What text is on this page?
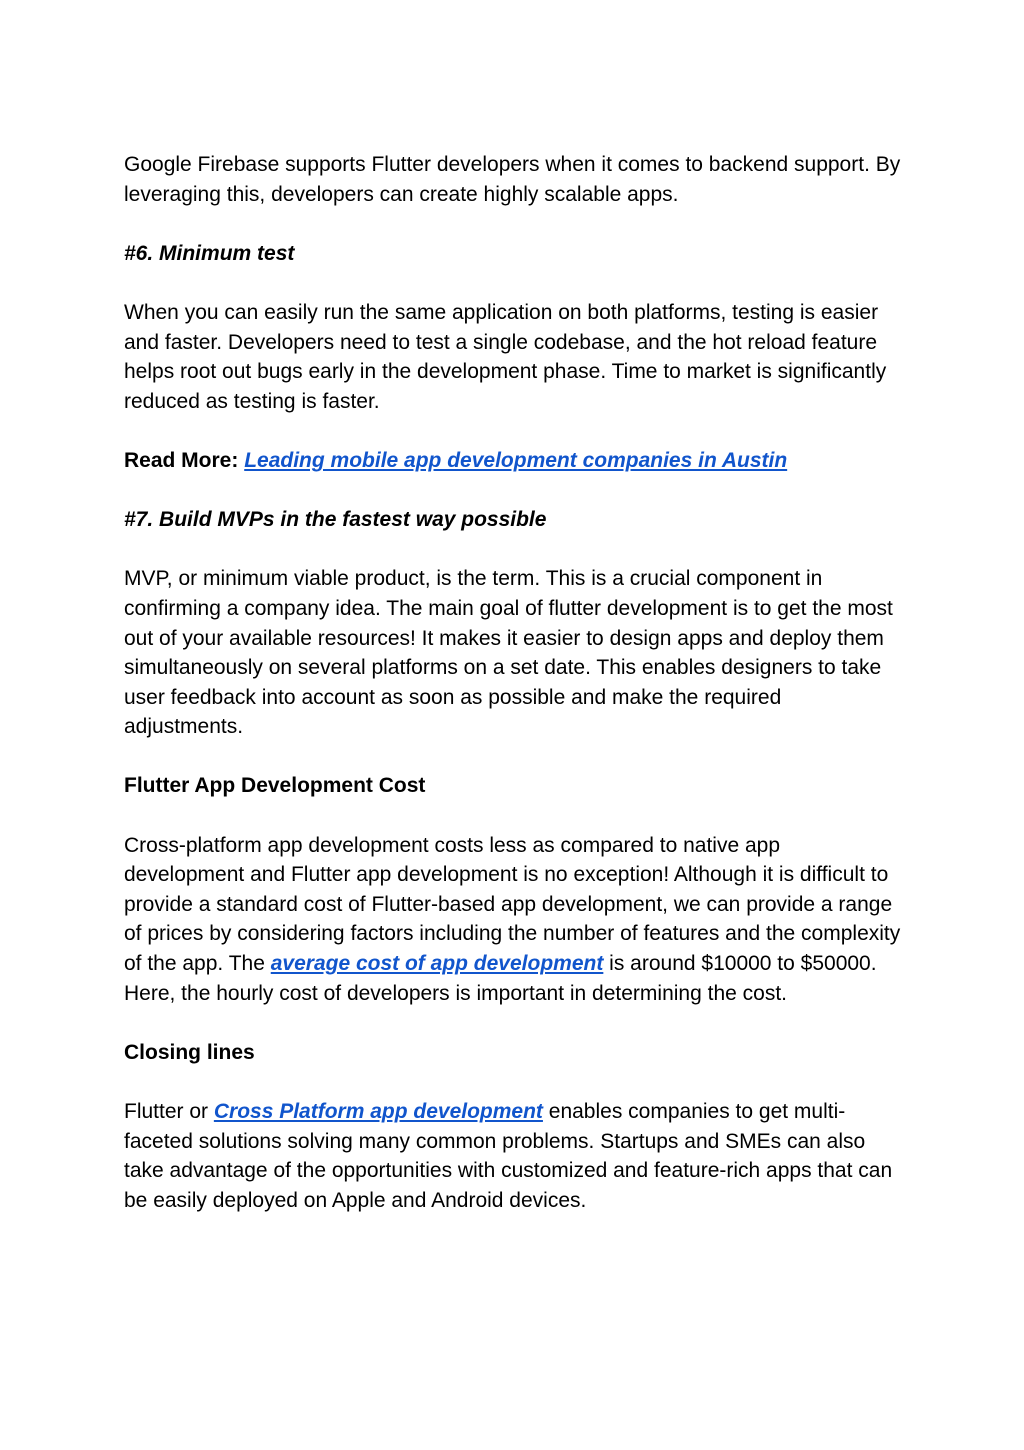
Google Firebase supports Flutter developers when it comes to backend support. By leveraging this, developers can create highly scalable apps.

#6. Minimum test

When you can easily run the same application on both platforms, testing is easier and faster. Developers need to test a single codebase, and the hot reload feature helps root out bugs early in the development phase. Time to market is significantly reduced as testing is faster.

Read More: Leading mobile app development companies in Austin

#7. Build MVPs in the fastest way possible

MVP, or minimum viable product, is the term. This is a crucial component in confirming a company idea. The main goal of flutter development is to get the most out of your available resources! It makes it easier to design apps and deploy them simultaneously on several platforms on a set date. This enables designers to take user feedback into account as soon as possible and make the required adjustments.

Flutter App Development Cost

Cross-platform app development costs less as compared to native app development and Flutter app development is no exception! Although it is difficult to provide a standard cost of Flutter-based app development, we can provide a range of prices by considering factors including the number of features and the complexity of the app. The average cost of app development is around $10000 to $50000. Here, the hourly cost of developers is important in determining the cost.

Closing lines

Flutter or Cross Platform app development enables companies to get multi-faceted solutions solving many common problems. Startups and SMEs can also take advantage of the opportunities with customized and feature-rich apps that can be easily deployed on Apple and Android devices.
